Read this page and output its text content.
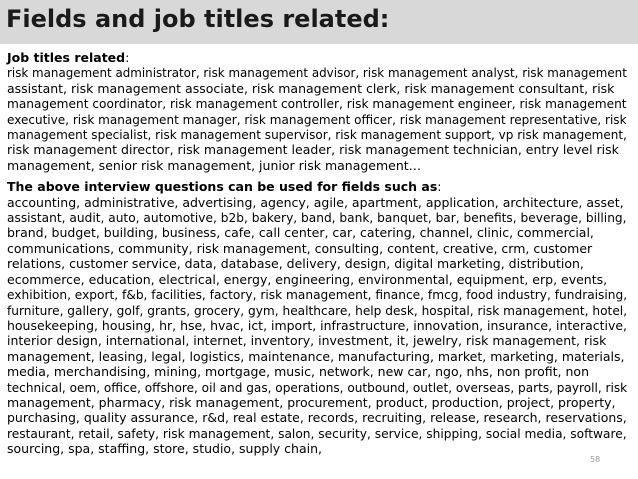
Fields and job titles related:
Job titles related:
risk management administrator, risk management advisor, risk management analyst, risk management
assistant, risk management associate, risk management clerk, risk management consultant, risk
management coordinator, risk management controller, risk management engineer, risk management
executive, risk management manager, risk management officer, risk management representative, risk
management specialist, risk management supervisor, risk management support, vp risk management,
risk management director, risk management leader, risk management technician, entry level risk
management, senior risk management, junior risk management…
The above interview questions can be used for fields such as:
accounting, administrative, advertising, agency, agile, apartment, application, architecture, asset,
assistant, audit, auto, automotive, b2b, bakery, band, bank, banquet, bar, benefits, beverage, billing,
brand, budget, building, business, cafe, call center, car, catering, channel, clinic, commercial,
communications, community, risk management, consulting, content, creative, crm, customer
relations, customer service, data, database, delivery, design, digital marketing, distribution,
ecommerce, education, electrical, energy, engineering, environmental, equipment, erp, events,
exhibition, export, f&b, facilities, factory, risk management, finance, fmcg, food industry, fundraising,
furniture, gallery, golf, grants, grocery, gym, healthcare, help desk, hospital, risk management, hotel,
housekeeping, housing, hr, hse, hvac, ict, import, infrastructure, innovation, insurance, interactive,
interior design, international, internet, inventory, investment, it, jewelry, risk management, risk
management, leasing, legal, logistics, maintenance, manufacturing, market, marketing, materials,
media, merchandising, mining, mortgage, music, network, new car, ngo, nhs, non profit, non
technical, oem, office, offshore, oil and gas, operations, outbound, outlet, overseas, parts, payroll, risk
management, pharmacy, risk management, procurement, product, production, project, property,
purchasing, quality assurance, r&d, real estate, records, recruiting, release, research, reservations,
restaurant, retail, safety, risk management, salon, security, service, shipping, social media, software,
sourcing, spa, staffing, store, studio, supply chain,
58
